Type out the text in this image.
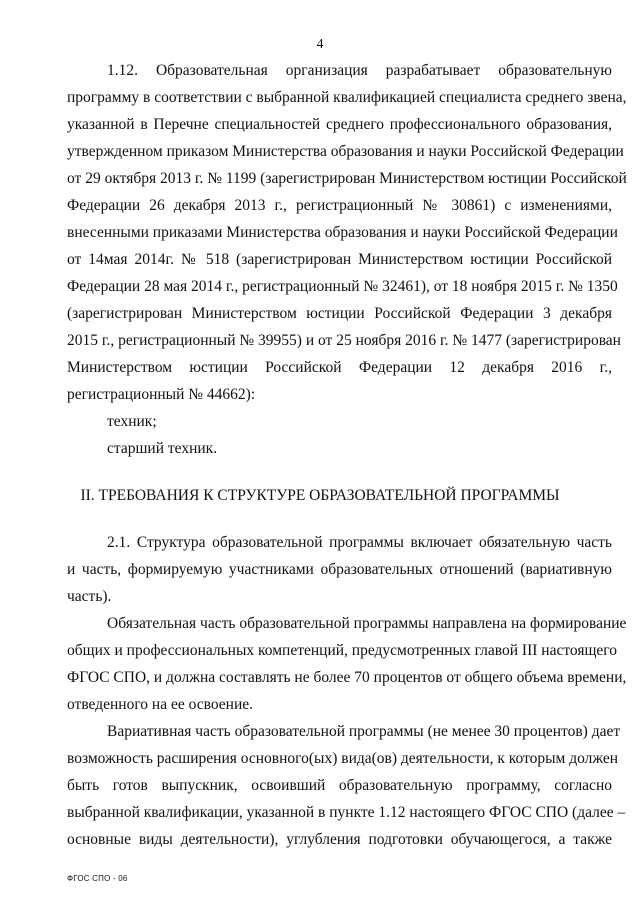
4
1.12. Образовательная организация разрабатывает образовательную
программу в соответствии с выбранной квалификацией специалиста среднего звена,
указанной в Перечне специальностей среднего профессионального образования,
утвержденном приказом Министерства образования и науки Российской Федерации
от 29 октября 2013 г. № 1199 (зарегистрирован Министерством юстиции Российской
Федерации 26 декабря 2013 г., регистрационный № 30861) с изменениями,
внесенными приказами Министерства образования и науки Российской Федерации
от 14мая 2014г. № 518 (зарегистрирован Министерством юстиции Российской
Федерации 28 мая 2014 г., регистрационный № 32461), от 18 ноября 2015 г. № 1350
(зарегистрирован Министерством юстиции Российской Федерации 3 декабря
2015 г., регистрационный № 39955) и от 25 ноября 2016 г. № 1477 (зарегистрирован
Министерством юстиции Российской Федерации 12 декабря 2016 г.,
регистрационный № 44662):
техник;
старший техник.
II. ТРЕБОВАНИЯ К СТРУКТУРЕ ОБРАЗОВАТЕЛЬНОЙ ПРОГРАММЫ
2.1. Структура образовательной программы включает обязательную часть
и часть, формируемую участниками образовательных отношений (вариативную
часть).
Обязательная часть образовательной программы направлена на формирование
общих и профессиональных компетенций, предусмотренных главой III настоящего
ФГОС СПО, и должна составлять не более 70 процентов от общего объема времени,
отведенного на ее освоение.
Вариативная часть образовательной программы (не менее 30 процентов) дает
возможность расширения основного(ых) вида(ов) деятельности, к которым должен
быть готов выпускник, освоивший образовательную программу, согласно
выбранной квалификации, указанной в пункте 1.12 настоящего ФГОС СПО (далее –
основные виды деятельности), углубления подготовки обучающегося, а также
ФГОС СПО - 06
